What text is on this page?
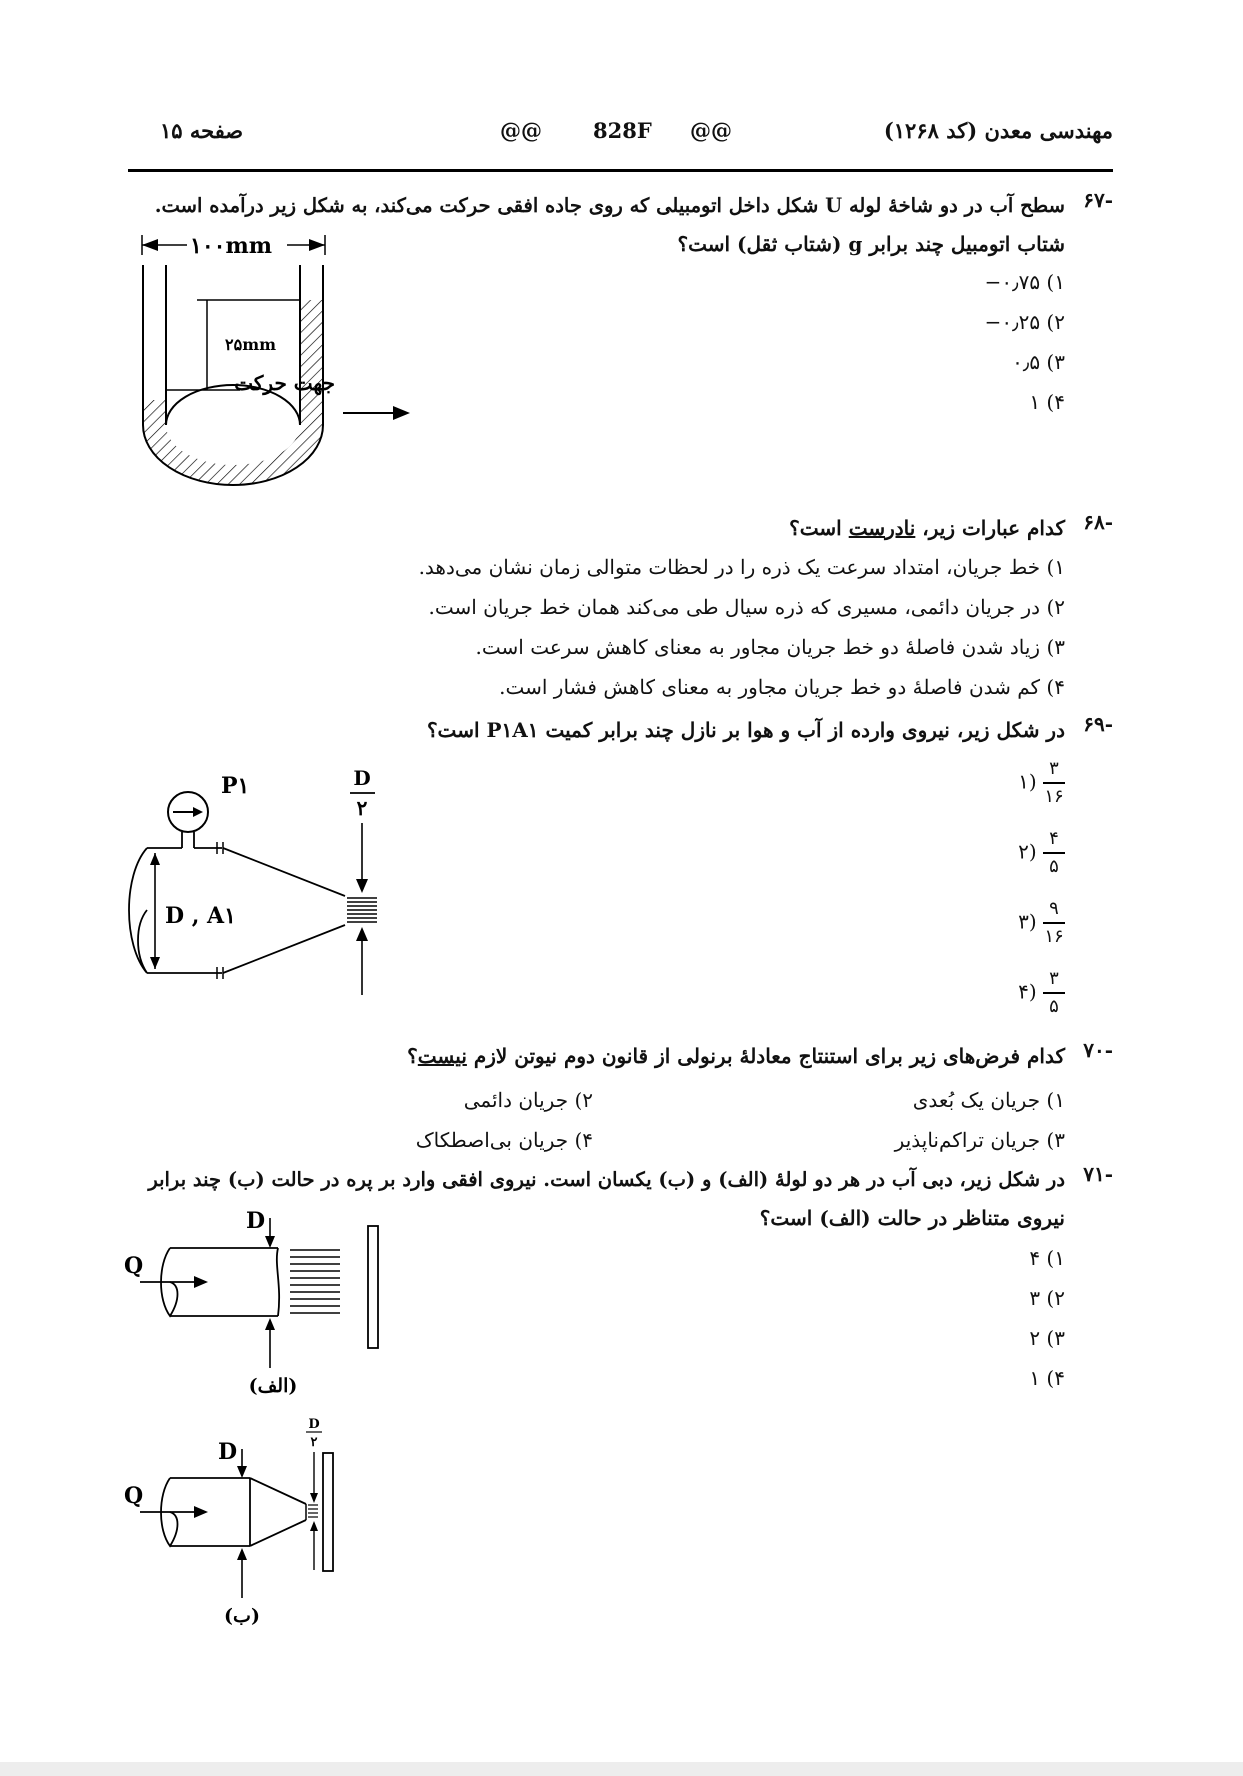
صفحه ۱۵	@@ 828F @@	مهندسی معدن (کد ۱۲۶۸)
-۶۷
سطح آب در دو شاخهٔ لوله U شکل داخل اتومبیلی که روی جاده افقی حرکت می‌کند، به شکل زیر درآمده است.
شتاب اتومبیل چند برابر g (شتاب ثقل) است؟
۱) ‎−۰٫۷۵
۲) ‎−۰٫۲۵
۳) ۰٫۵
۴) ۱
۱۰۰mm
۲۵mm
جهت حرکت
-۶۸
کدام عبارات زیر، نادرست است؟
۱) خط جریان، امتداد سرعت یک ذره را در لحظات متوالی زمان نشان می‌دهد.
۲) در جریان دائمی، مسیری که ذره سیال طی می‌کند همان خط جریان است.
۳) زیاد شدن فاصلهٔ دو خط جریان مجاور به معنای کاهش سرعت است.
۴) کم شدن فاصلهٔ دو خط جریان مجاور به معنای کاهش فشار است.
-۶۹
در شکل زیر، نیروی وارده از آب و هوا بر نازل چند برابر کمیت P۱A۱ است؟
۱) $\frac{۳}{۱۶}$
۲) $\frac{۴}{۵}$
۳) $\frac{۹}{۱۶}$
۴) $\frac{۳}{۵}$
P۱
D , A۱
D
۲
-۷۰
کدام فرض‌های زیر برای استنتاج معادلهٔ برنولی از قانون دوم نیوتن لازم نیست؟
۱) جریان یک بُعدی
۲) جریان دائمی
۳) جریان تراکم‌ناپذیر
۴) جریان بی‌اصطکاک
-۷۱
در شکل زیر، دبی آب در هر دو لولهٔ (الف) و (ب) یکسان است. نیروی افقی وارد بر پره در حالت (ب) چند برابر
نیروی متناظر در حالت (الف) است؟
۱) ۴
۲) ۳
۳) ۲
۴) ۱
Q
D
(الف)
D
۲
Q
D
(ب)
